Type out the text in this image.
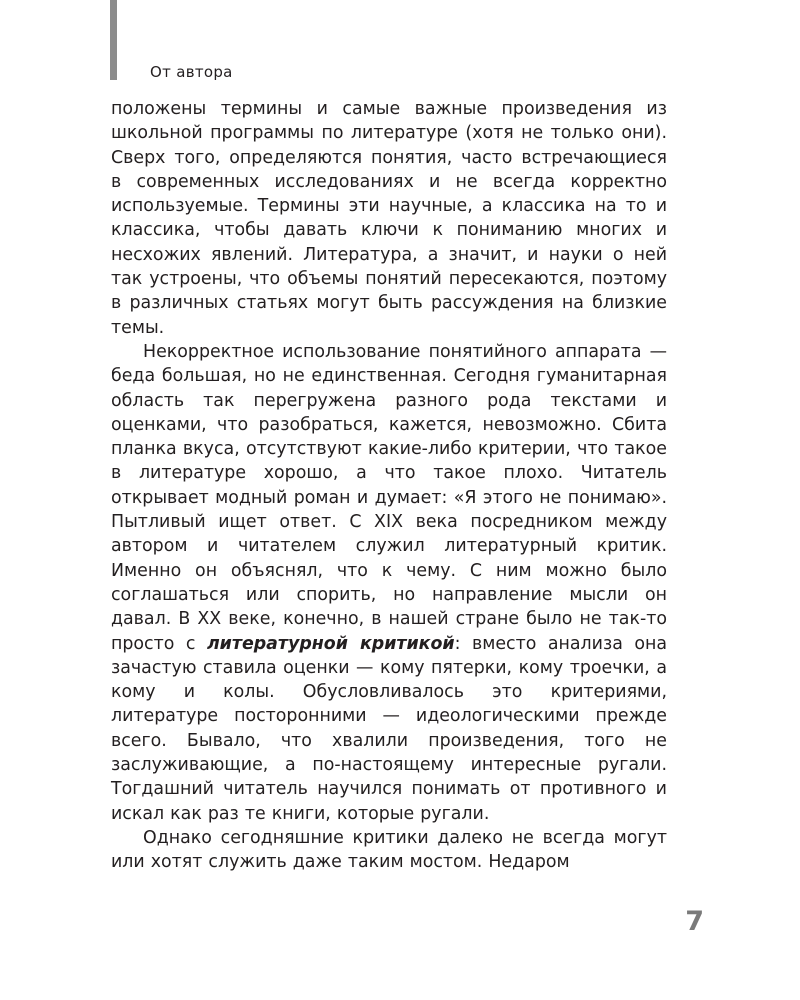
От автора

положены термины и самые важные произведения из школьной программы по литературе (хотя не только они). Сверх того, определяются понятия, часто встречающиеся в современных исследованиях и не всегда корректно используемые. Термины эти научные, а классика на то и классика, чтобы давать ключи к пониманию многих и несхожих явлений. Литература, а значит, и науки о ней так устроены, что объемы понятий пересекаются, поэтому в различных статьях могут быть рассуждения на близкие темы.

Некорректное использование понятийного аппарата — беда большая, но не единственная. Сегодня гуманитарная область так перегружена разного рода текстами и оценками, что разобраться, кажется, невозможно. Сбита планка вкуса, отсутствуют какие-либо критерии, что такое в литературе хорошо, а что такое плохо. Читатель открывает модный роман и думает: «Я этого не понимаю». Пытливый ищет ответ. С XIX века посредником между автором и читателем служил литературный критик. Именно он объяснял, что к чему. С ним можно было соглашаться или спорить, но направление мысли он давал. В XX веке, конечно, в нашей стране было не так-то просто с литературной критикой: вместо анализа она зачастую ставила оценки — кому пятерки, кому троечки, а кому и колы. Обусловливалось это критериями, литературе посторонними — идеологическими прежде всего. Бывало, что хвалили произведения, того не заслуживающие, а по-настоящему интересные ругали. Тогдашний читатель научился понимать от противного и искал как раз те книги, которые ругали.

Однако сегодняшние критики далеко не всегда могут или хотят служить даже таким мостом. Недаром

7
